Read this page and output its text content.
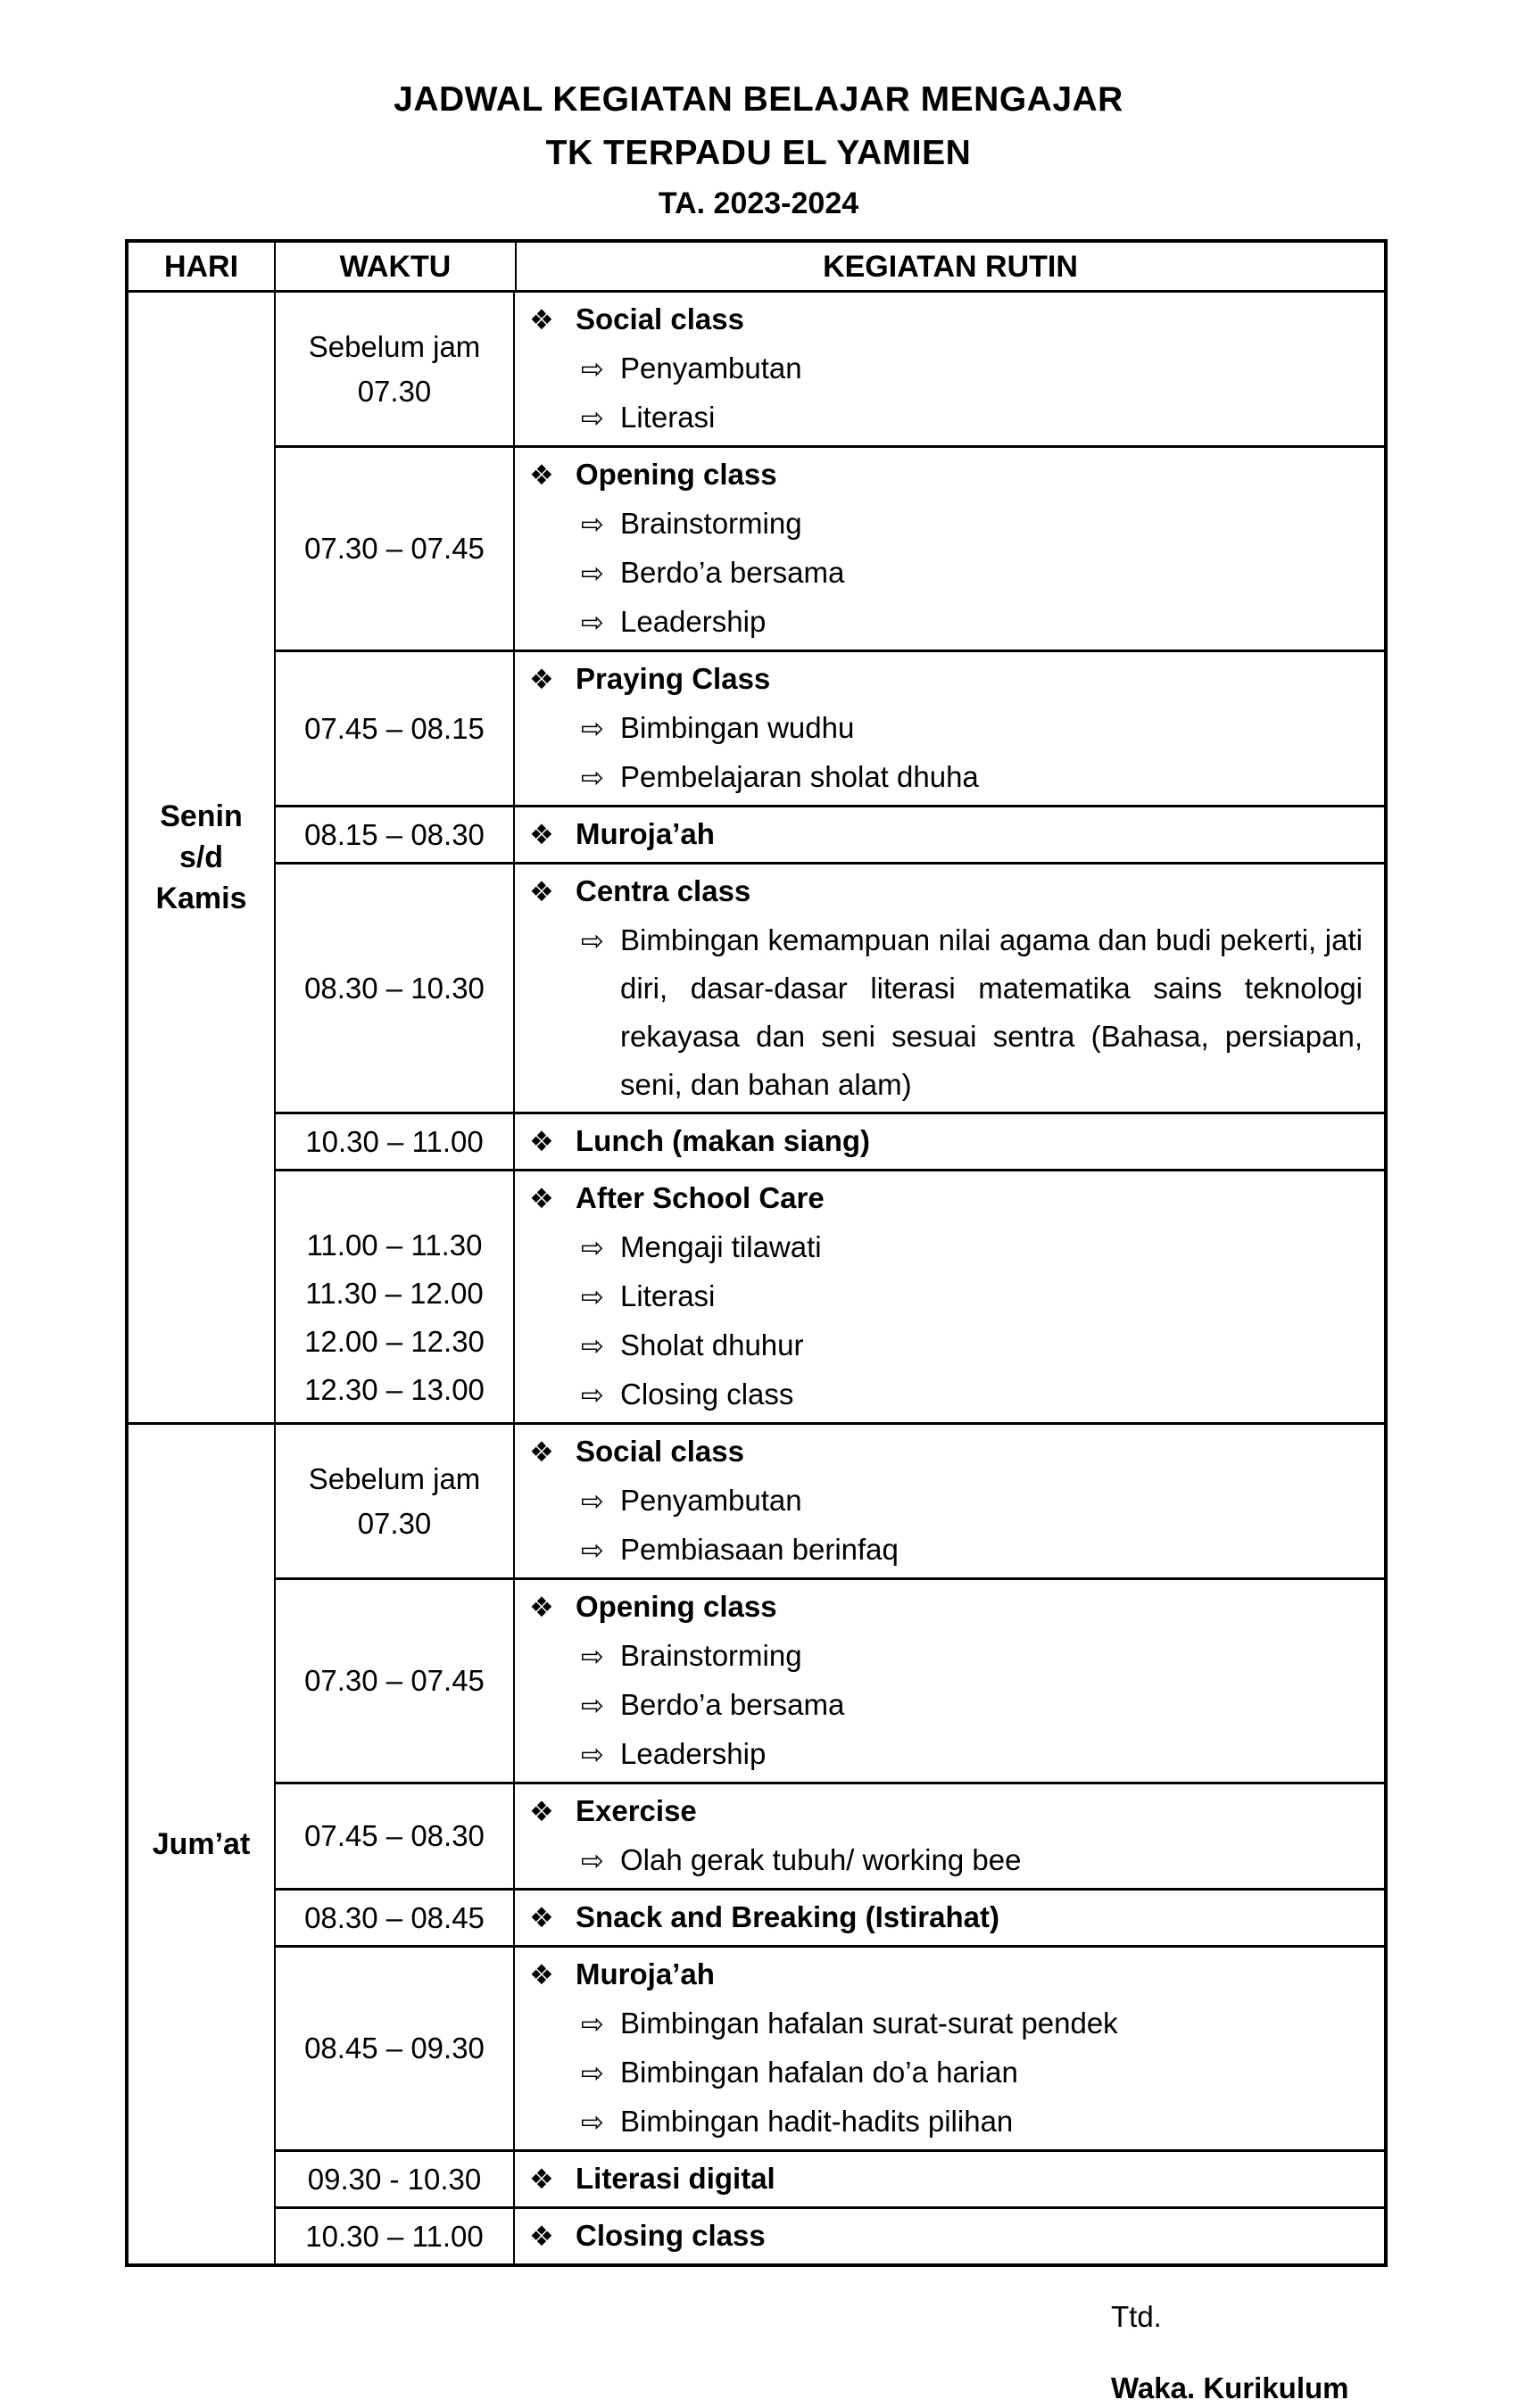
JADWAL KEGIATAN BELAJAR MENGAJAR
TK TERPADU EL YAMIEN
TA. 2023-2024
HARI	WAKTU	KEGIATAN RUTIN
Senin
s/d
Kamis
Sebelum jam
07.30
❖ Social class
⇨ Penyambutan
⇨ Literasi
07.30 – 07.45
❖ Opening class
⇨ Brainstorming
⇨ Berdo’a bersama
⇨ Leadership
07.45 – 08.15
❖ Praying Class
⇨ Bimbingan wudhu
⇨ Pembelajaran sholat dhuha
08.15 – 08.30 ❖ Muroja’ah
08.30 – 10.30
❖ Centra class
⇨ Bimbingan kemampuan nilai agama dan budi pekerti, jati diri, dasar-dasar literasi matematika sains teknologi rekayasa dan seni sesuai sentra (Bahasa, persiapan, seni, dan bahan alam)
10.30 – 11.00 ❖ Lunch (makan siang)
11.00 – 11.30
11.30 – 12.00
12.00 – 12.30
12.30 – 13.00
❖ After School Care
⇨ Mengaji tilawati
⇨ Literasi
⇨ Sholat dhuhur
⇨ Closing class
Jum’at
Sebelum jam
07.30
❖ Social class
⇨ Penyambutan
⇨ Pembiasaan berinfaq
07.30 – 07.45
❖ Opening class
⇨ Brainstorming
⇨ Berdo’a bersama
⇨ Leadership
07.45 – 08.30
❖ Exercise
⇨ Olah gerak tubuh/ working bee
08.30 – 08.45 ❖ Snack and Breaking (Istirahat)
08.45 – 09.30
❖ Muroja’ah
⇨ Bimbingan hafalan surat-surat pendek
⇨ Bimbingan hafalan do’a harian
⇨ Bimbingan hadit-hadits pilihan
09.30 - 10.30 ❖ Literasi digital
10.30 – 11.00 ❖ Closing class
Ttd.
Waka. Kurikulum
